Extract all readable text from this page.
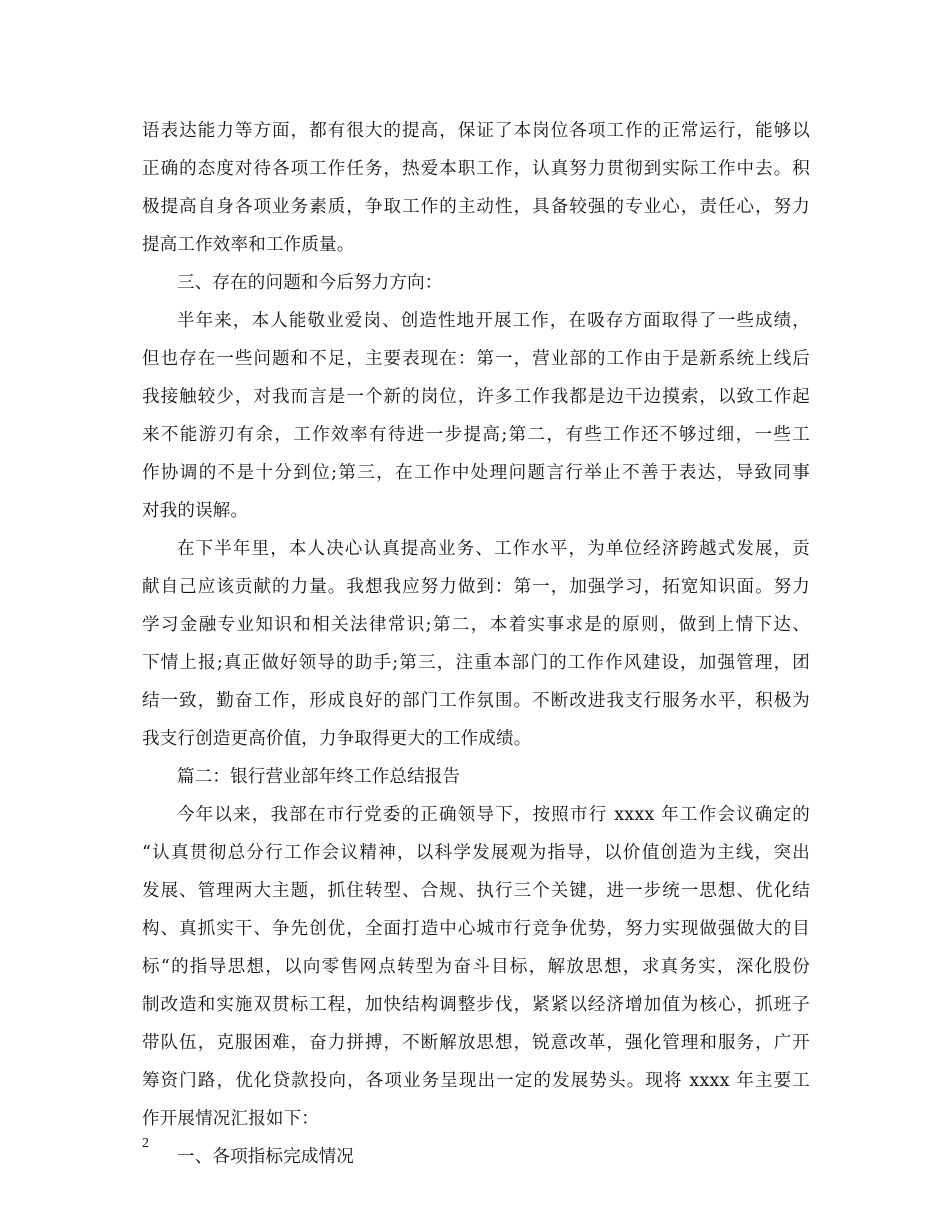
语表达能力等方面，都有很大的提高，保证了本岗位各项工作的正常运行，能够以
正确的态度对待各项工作任务，热爱本职工作，认真努力贯彻到实际工作中去。积
极提高自身各项业务素质，争取工作的主动性，具备较强的专业心，责任心，努力
提高工作效率和工作质量。
三、存在的问题和今后努力方向：
半年来，本人能敬业爱岗、创造性地开展工作，在吸存方面取得了一些成绩，
但也存在一些问题和不足，主要表现在：第一，营业部的工作由于是新系统上线后
我接触较少，对我而言是一个新的岗位，许多工作我都是边干边摸索，以致工作起
来不能游刃有余，工作效率有待进一步提高;第二，有些工作还不够过细，一些工
作协调的不是十分到位;第三，在工作中处理问题言行举止不善于表达，导致同事
对我的误解。
在下半年里，本人决心认真提高业务、工作水平，为单位经济跨越式发展，贡
献自己应该贡献的力量。我想我应努力做到：第一，加强学习，拓宽知识面。努力
学习金融专业知识和相关法律常识;第二，本着实事求是的原则，做到上情下达、
下情上报;真正做好领导的助手;第三，注重本部门的工作作风建设，加强管理，团
结一致，勤奋工作，形成良好的部门工作氛围。不断改进我支行服务水平，积极为
我支行创造更高价值，力争取得更大的工作成绩。
篇二：银行营业部年终工作总结报告
今年以来，我部在市行党委的正确领导下，按照市行 xxxx 年工作会议确定的
“认真贯彻总分行工作会议精神，以科学发展观为指导，以价值创造为主线，突出
发展、管理两大主题，抓住转型、合规、执行三个关键，进一步统一思想、优化结
构、真抓实干、争先创优，全面打造中心城市行竞争优势，努力实现做强做大的目
标“的指导思想，以向零售网点转型为奋斗目标，解放思想，求真务实，深化股份
制改造和实施双贯标工程，加快结构调整步伐，紧紧以经济增加值为核心，抓班子
带队伍，克服困难，奋力拼搏，不断解放思想，锐意改革，强化管理和服务，广开
筹资门路，优化贷款投向，各项业务呈现出一定的发展势头。现将 xxxx 年主要工
作开展情况汇报如下：
一、各项指标完成情况
2
